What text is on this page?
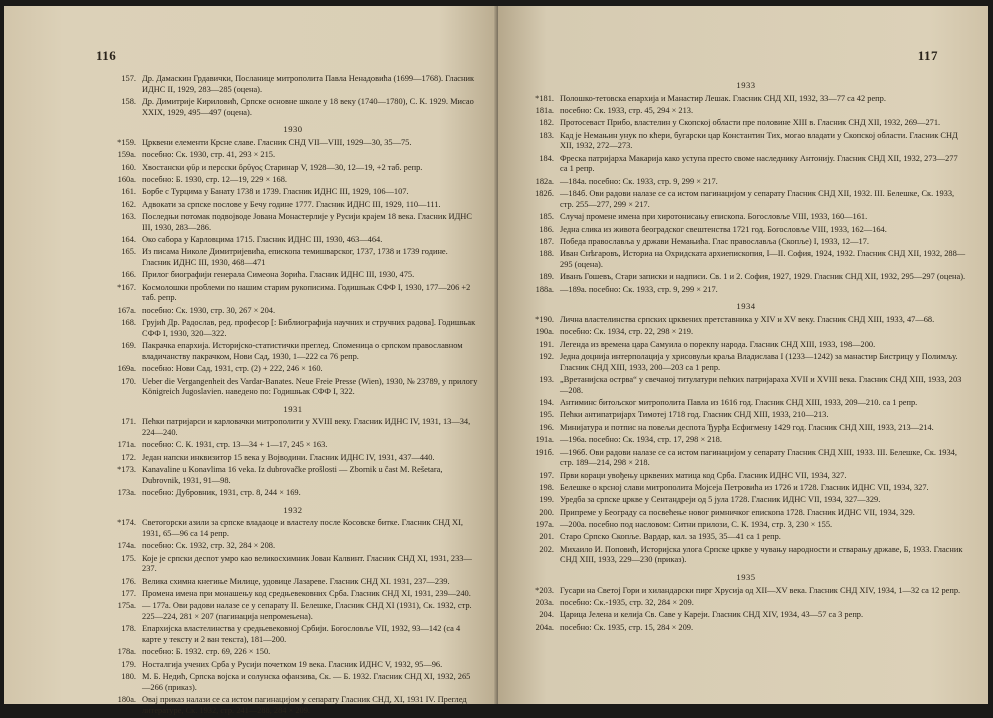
116
157. Др. Дамаскин Грдавички, Посланице митрополита Павла Ненадовића (1699—1768). Гласник ИДНС II, 1929, 283—285 (оцена).
158. Др. Димитрије Кириловић, Српске основне школе у 18 веку (1740—1780), С. К. 1929. Мисао XXIX, 1929, 495—497 (оцена).
1930
*159. Црквени елементи Крсне славе. Гласник СНД VII—VIII, 1929—30, 35—75.
159a. посебно: Ск. 1930, стр. 41, 293 × 215.
160. Хвостански φῦρ и персски ὄρῦγος Старинар V, 1928—30, 12—19, +2 таб. репр.
160a. посебно: Б. 1930, стр. 12—19, 229 × 168.
161. Борбе с Турцима у Банату 1738 и 1739. Гласник ИДНС III, 1929, 106—107.
162. Адвокати за српске послове у Бечу године 1777. Гласник ИДНС III, 1929, 110—111.
163. Последњи потомак подвојводе Јована Монастерлије у Русији крајем 18 века. Гласник ИДНС III, 1930, 283—286.
164. Око сабора у Карловцима 1715. Гласник ИДНС III, 1930, 463—464.
165. Из писама Николе Димитријевића, епископа темишварског, 1737, 1738 и 1739 године. Гласник ИДНС III, 1930, 468—471
166. Прилог биографији генерала Симеона Зорића. Гласник ИДНС III, 1930, 475.
*167. Космолошки проблеми по нашим старим рукописима. Годишњак СФФ I, 1930, 177—206 +2 таб. репр.
167a. посебно: Ск. 1930, стр. 30, 267 × 204.
168. Грујић Др. Радослав, ред. професор [: Библиографија научних и стручних радова]. Годишњак СФФ I, 1930, 320—322.
169. Пакрачка епархија. Историјско-статистички преглед. Споменица о српском православном владичанству пакрачком, Нови Сад, 1930, 1—222 са 76 репр.
169a. посебно: Нови Сад, 1931, стр. (2) + 222, 246 × 160.
170. Ueber die Vergangenheit des Vardar-Banates. Neue Freie Presse (Wien), 1930, № 23789, у прилогу Königreich Jugoslavien. наведено по: Годишњак СФФ I, 322.
1931
171. Пећки патријарси и карловачки митрополити у XVIII веку. Гласник ИДНС IV, 1931, 13—34, 224—240.
171a. посебно: С. К. 1931, стр. 13—34 + 1—17, 245 × 163.
172. Један напски инквизитор 15 века у Војводини. Гласник ИДНС IV, 1931, 437—440.
*173. Kanavaline u Konavlima 16 veka. Iz dubrovačke prošlosti — Zbornik u čast M. Rešetara, Dubrovnik, 1931, 91—98.
173a. посебно: Дубровник, 1931, стр. 8, 244 × 169.
1932
*174. Светогорски азили за српске владаоце и властелу после Косовске битке. Гласник СНД XI, 1931, 65—96 са 14 репр.
174a. посебно: Ск. 1932, стр. 32, 284 × 208.
175. Које је српски деспот умро као великосхимник Јован Калвинт. Гласник СНД XI, 1931, 233—237.
176. Велика схимна кнегиње Милице, удовице Лазаревe. Гласник СНД XI. 1931, 237—239.
177. Промена имена при монашењу код средњевековних Срба. Гласник СНД XI, 1931, 239—240.
175a. — 177a. Ови радови налазе се у сепарату II. Белешке, Гласник СНД XI (1931), Ск. 1932, стр. 225—224, 281 × 207 (пагинација непромењена).
178. Епархијска властелинства у средњевековној Србији. Богословље VII, 1932, 93—142 (са 4 карте у тексту и 2 ван текста), 181—200.
178a. посебно: Б. 1932. стр. 69, 226 × 150.
179. Носталгија учених Срба у Русији почетком 19 века. Гласник ИДНС V, 1932, 95—96.
180. М. Б. Нeдић, Српска војска и солунска офанзива, Ск. — Б. 1932. Гласник СНД XI, 1932, 265—266 (приказ).
180a. Овај приказ налази се са истом пагинацијом у сепарату Гласник СНД, XI, 1931 IV. Преглед литературе, Ск. 1932, стр. 241—288, 284 × 209.
117
1933
*181. Полошко-тетовска епархија и Манастир Лешак. Гласник СНД XII, 1932, 33—77 са 42 репр.
181a. посебно: Ск. 1933, стр. 45, 294 × 213.
182. Протосевaст Прибо, властелин у Скопској области пре половине XIII в. Гласник СНД XII, 1932, 269—271.
183. Кад је Немањин унук по кћери, бугарски цар Константин Тих, могао владати у Скопској области. Гласник СНД XII, 1932, 272—273.
184. Фреска патријарха Макарија како уступа престо своме наследнику Антонију. Гласник СНД XII, 1932, 273—277 са 1 репр.
182a. —184a. посебно: Ск. 1933, стр. 9, 299 × 217.
182б. —184б. Ови радови налазе се са истом пагинацијом у сепарату Гласник СНД XII, 1932. III. Белешке, Ск. 1933, стр. 255—277, 299 × 217.
185. Случај промене имена при хиротонисању епископа. Богословље VIII, 1933, 160—161.
186. Једна слика из живота београдског свештенства 1721 год. Богословље VIII, 1933, 162—164.
187. Победа православља у држави Немањића. Глас православља (Скопље) I, 1933, 12—17.
188. Иван Снѣгаровъ, Историа на Охридската архиепископия, I—II. София, 1924, 1932. Гласник СНД XII, 1932, 288—295 (оцена).
189. Иванъ Гошевъ, Стари записки и надписи. Св. 1 и 2. София, 1927, 1929. Гласник СНД XII, 1932, 295—297 (оцена).
188a. —189a. посебно: Ск. 1933, стр. 9, 299 × 217.
1934
*190. Лична властелинства српских црквених претставника у XIV и XV веку. Гласник СНД XIII, 1933, 47—68.
190a. посебно: Ск. 1934, стр. 22, 298 × 219.
191. Легенда из времена цара Самуила о порекпу народа. Гласник СНД XIII, 1933, 198—200.
192. Једна доцнија интерполација у хрисовуљи краља Владислава I (1233—1242) за манастир Бистрицу у Полимљу. Гласник СНД XIII, 1933, 200—203 са 1 репр.
193. „Вретанијска острва“ у свечаној титулатури пећких патријараха XVII и XVIII века. Гласник СНД XIII, 1933, 203—208.
194. Антиминс битољског митрополита Павла из 1616 год. Гласник СНД XIII, 1933, 209—210. са 1 репр.
195. Пећки антипатријарх Тимотеј 1718 год. Гласник СНД XIII, 1933, 210—213.
196. Минијатура и потпис на повељи деспота Ђурђа Есфигмену 1429 год. Гласник СНД XIII, 1933, 213—214.
191a. —196a. посебно: Ск. 1934, стр. 17, 298 × 218.
191б. —196б. Ови радови налазе се са истом пагинацијом у сепарату Гласник СНД XIII, 1933. III. Белешке, Ск. 1934, стр. 189—214, 298 × 218.
197. Први кораци увођењу црквених матица код Срба. Гласник ИДНС VII, 1934, 327.
198. Белешке о крсној слави митрополита Мојсеја Петровића из 1726 и 1728. Гласник ИДНС VII, 1934, 327.
199. Уредба за српске цркве у Сентандреји од 5 јула 1728. Гласник ИДНС VII, 1934, 327—329.
200. Припреме у Београду са посвећење новог римничког епископа 1728. Гласник ИДНС VII, 1934, 329.
197a. —200a. посебно под насловом: Ситни прилози, С. К. 1934, стр. 3, 230 × 155.
201. Старо Српско Скопље. Вардар, кал. за 1935, 35—41 са 1 репр.
202. Михаило И. Поповић, Историјска улога Српске цркве у чувању народности и стварању државе, Б, 1933. Гласник СНД XIII, 1933, 229—230 (приказ).
1935
*203. Гусари на Светој Гори и хиландарски пирг Хрусија од XII—XV века. Гласник СНД XIV, 1934, 1—32 са 12 репр.
203a. посебно: Ск.-1935, стр. 32, 284 × 209.
204. Царица Јелена и келија Св. Саве у Кареји. Гласник СНД XIV, 1934, 43—57 са 3 репр.
204a. посебно: Ск. 1935, стр. 15, 284 × 209.
